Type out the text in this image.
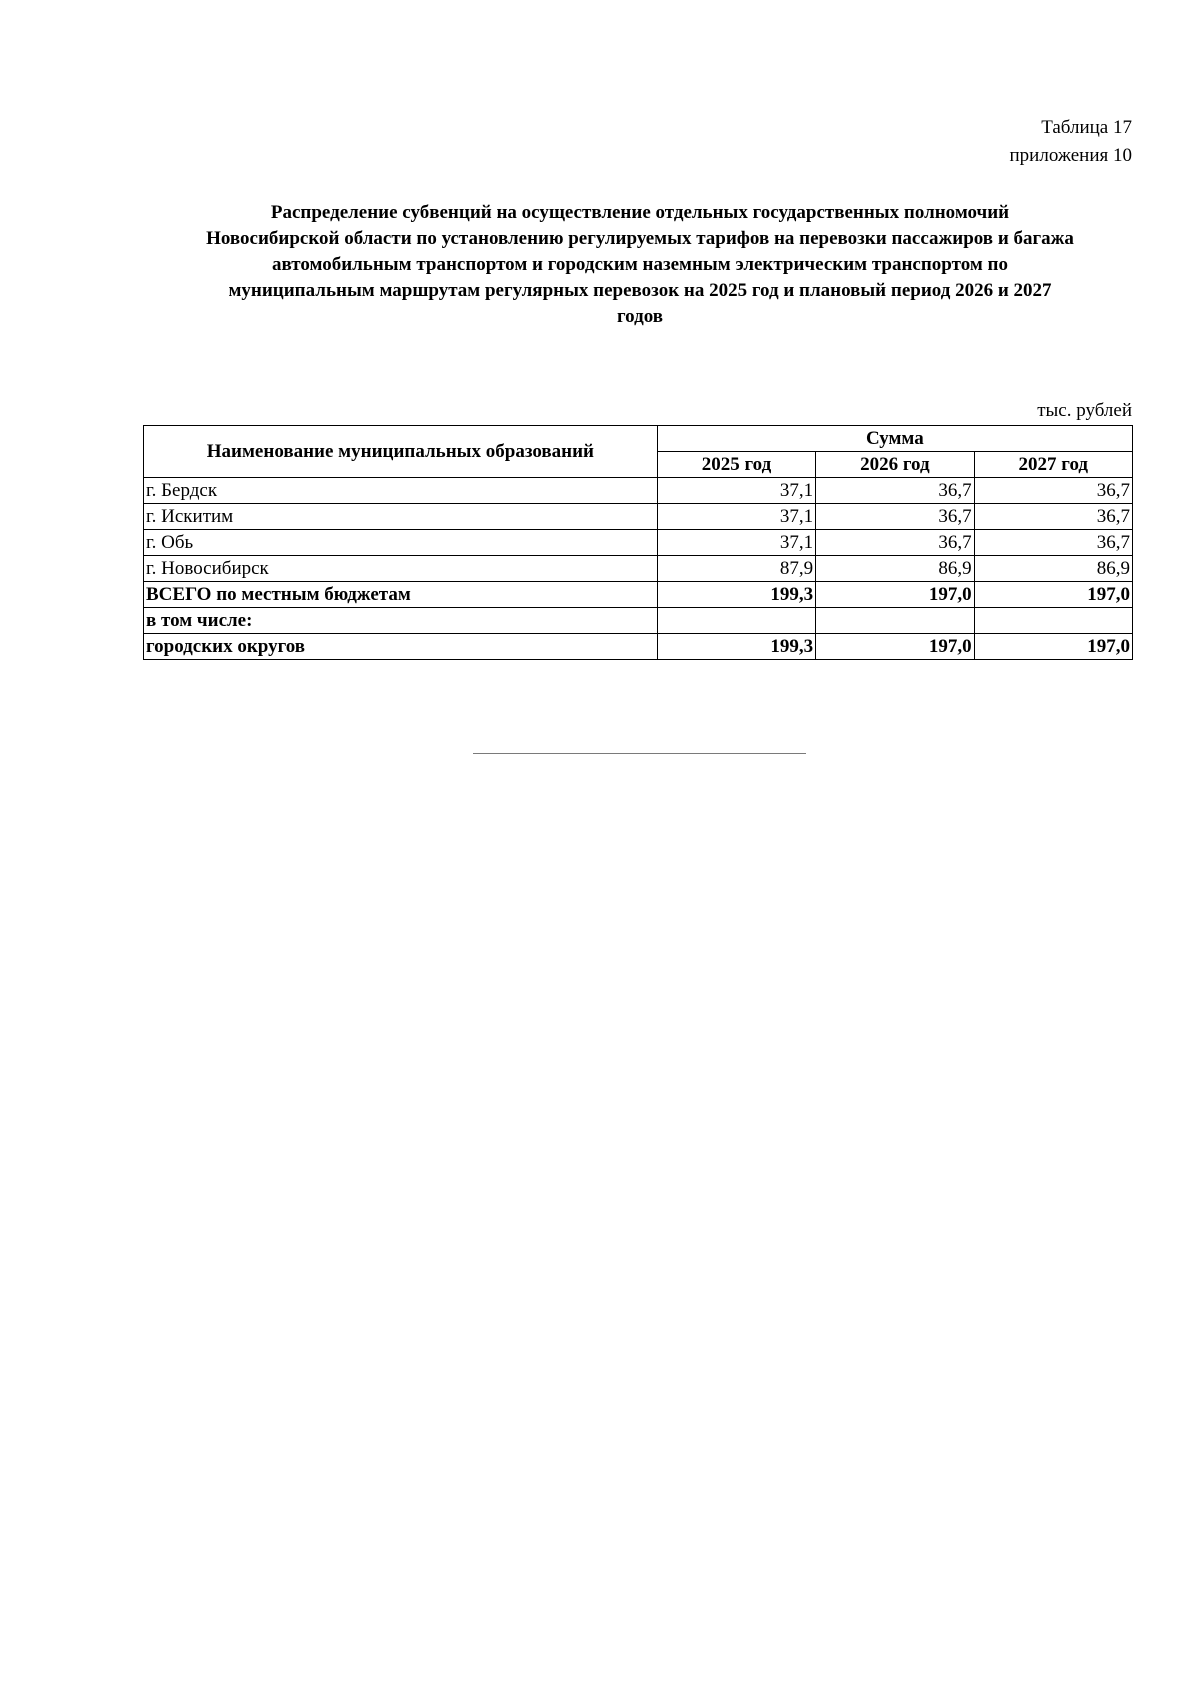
Таблица 17
приложения 10
Распределение субвенций на осуществление отдельных государственных полномочий
Новосибирской области по установлению регулируемых тарифов на перевозки пассажиров и багажа
автомобильным транспортом и городским наземным электрическим транспортом по
муниципальным маршрутам регулярных перевозок на 2025 год и плановый период 2026 и 2027
годов
тыс. рублей
Наименование муниципальных образований	Сумма		
	2025 год	2026 год	2027 год
г. Бердск	37,1	36,7	36,7
г. Искитим	37,1	36,7	36,7
г. Обь	37,1	36,7	36,7
г. Новосибирск	87,9	86,9	86,9
ВСЕГО по местным бюджетам	199,3	197,0	197,0
в том числе:			
городских округов	199,3	197,0	197,0
